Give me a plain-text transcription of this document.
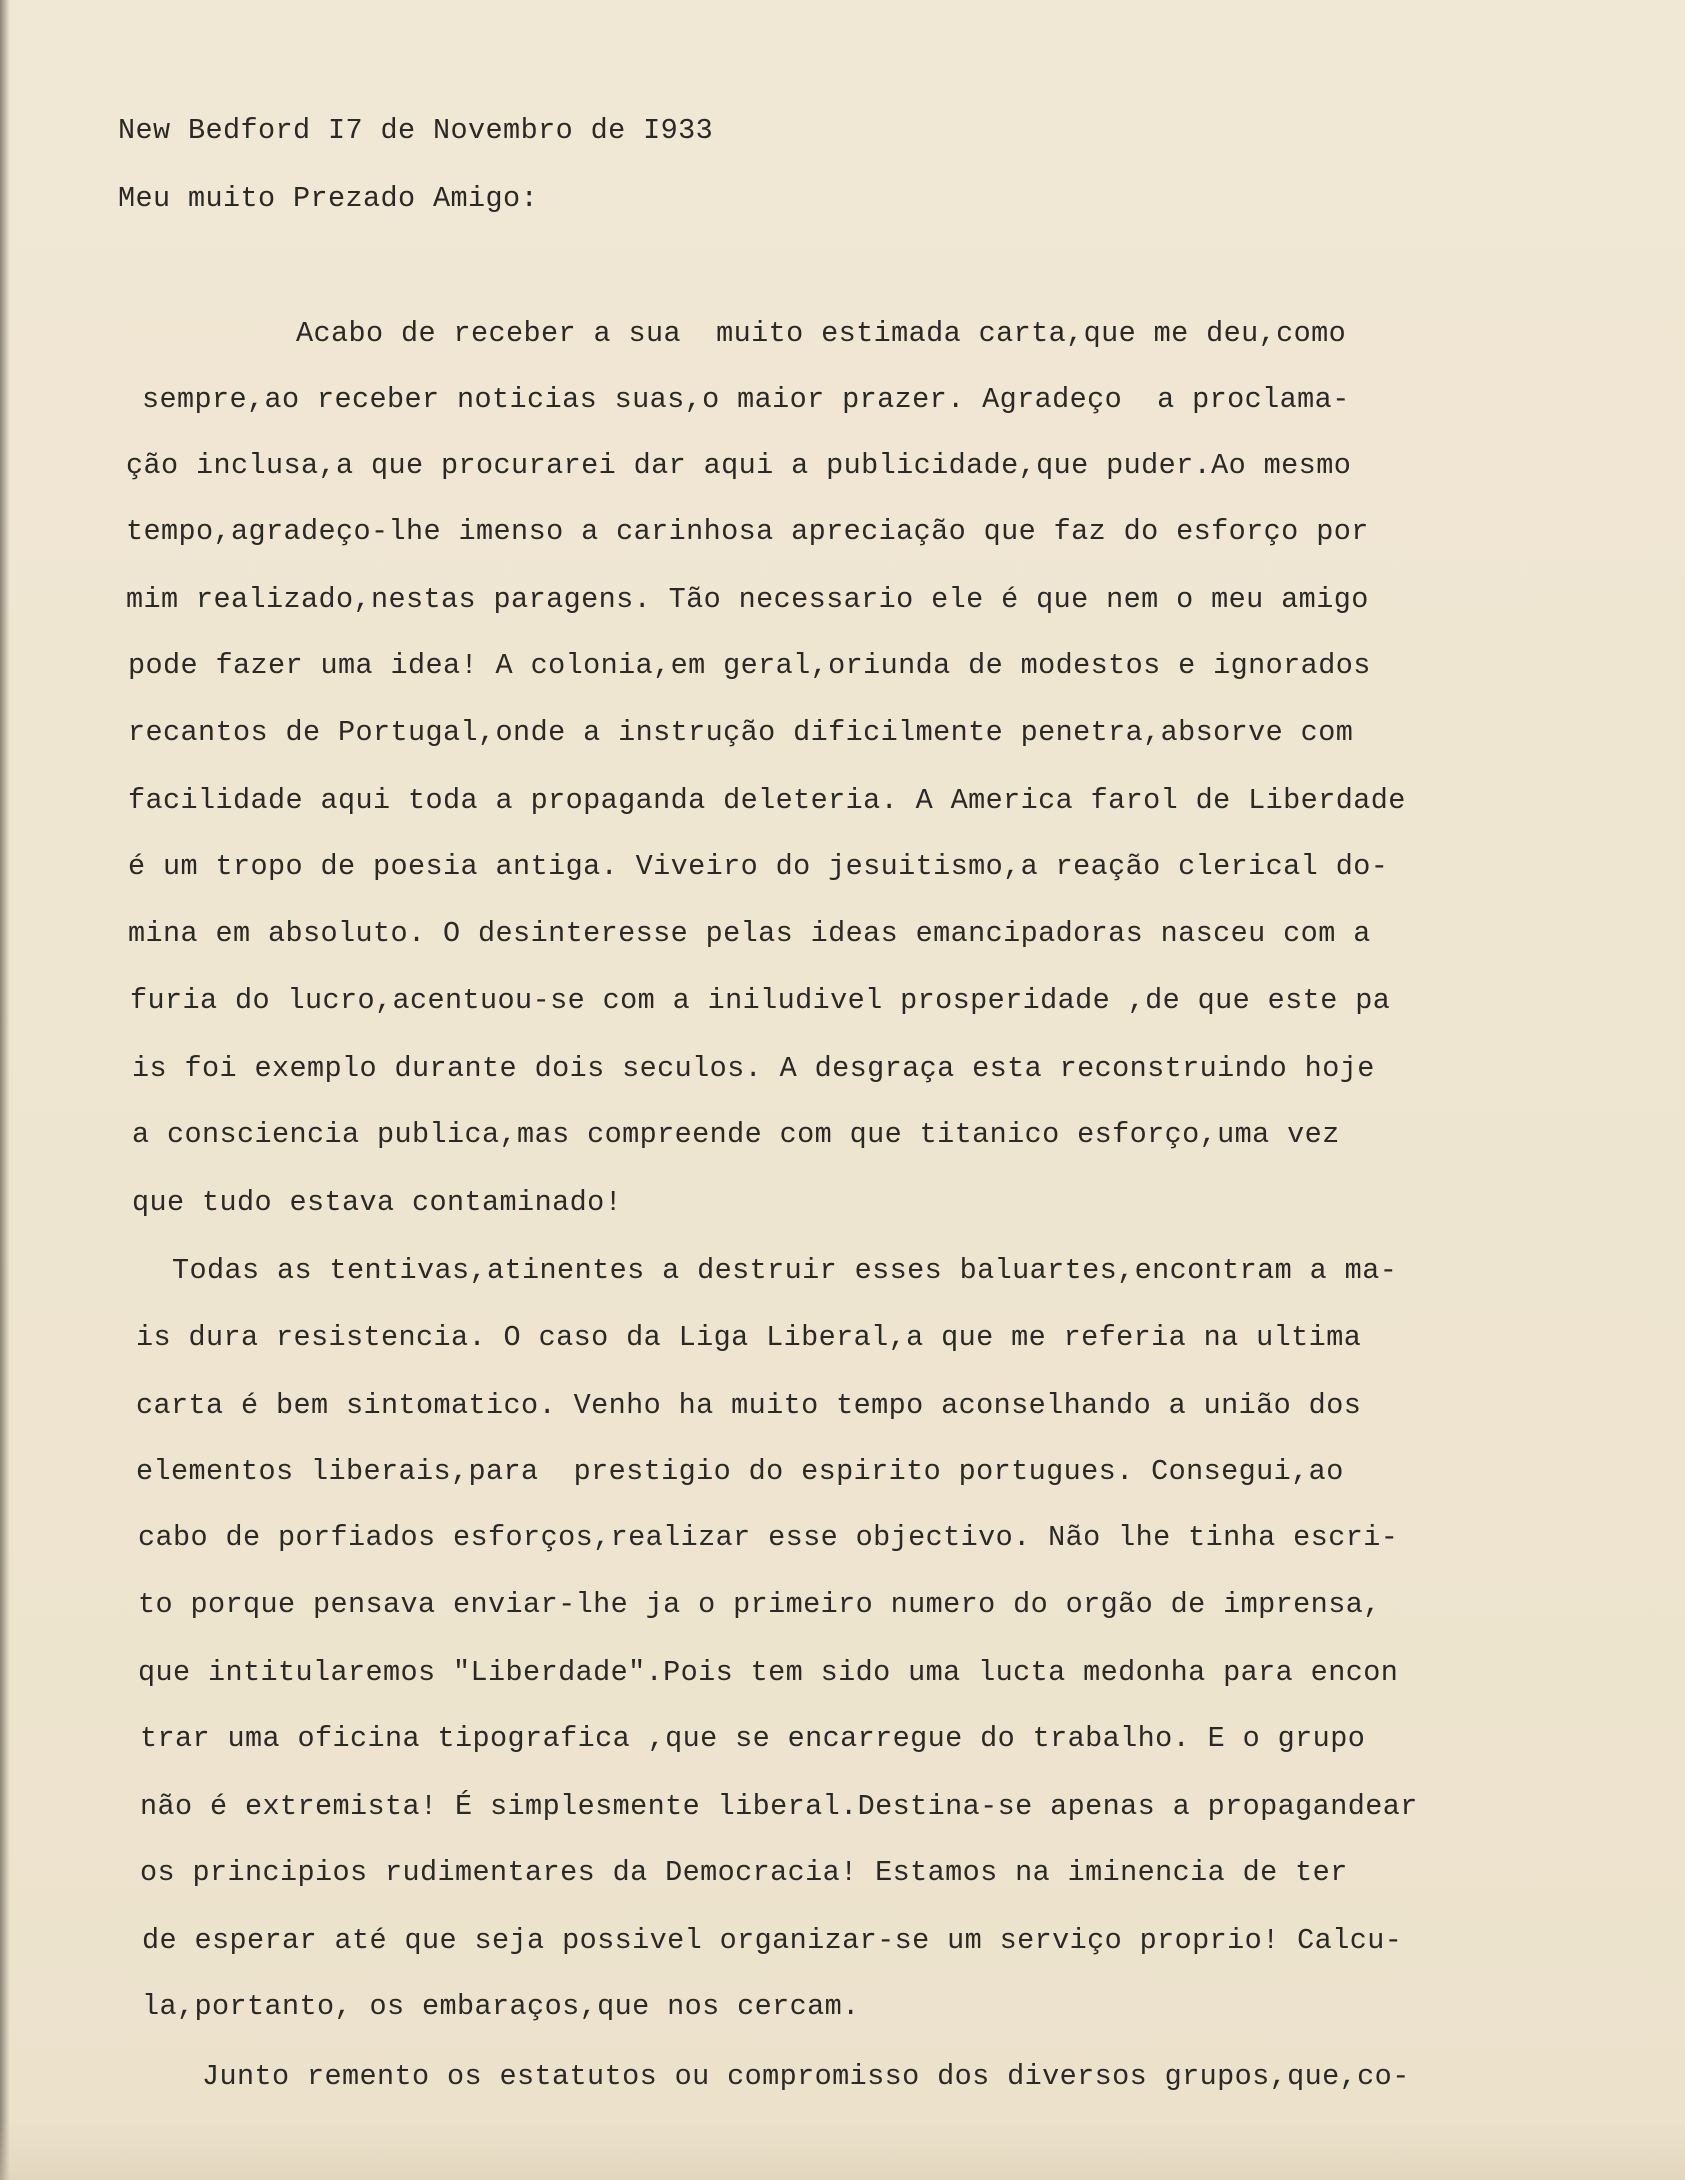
New Bedford I7 de Novembro de I933

Meu muito Prezado Amigo:

Acabo de receber a sua  muito estimada carta,que me deu,como

sempre,ao receber noticias suas,o maior prazer. Agradeço  a proclama-

ção inclusa,a que procurarei dar aqui a publicidade,que puder.Ao mesmo

tempo,agradeço-lhe imenso a carinhosa apreciação que faz do esforço por

mim realizado,nestas paragens. Tão necessario ele é que nem o meu amigo

pode fazer uma idea! A colonia,em geral,oriunda de modestos e ignorados

recantos de Portugal,onde a instrução dificilmente penetra,absorve com

facilidade aqui toda a propaganda deleteria. A America farol de Liberdade

é um tropo de poesia antiga. Viveiro do jesuitismo,a reação clerical do-

mina em absoluto. O desinteresse pelas ideas emancipadoras nasceu com a

furia do lucro,acentuou-se com a iniludivel prosperidade ,de que este pa

is foi exemplo durante dois seculos. A desgraça esta reconstruindo hoje

a consciencia publica,mas compreende com que titanico esforço,uma vez

que tudo estava contaminado!

Todas as tentivas,atinentes a destruir esses baluartes,encontram a ma-

is dura resistencia. O caso da Liga Liberal,a que me referia na ultima

carta é bem sintomatico. Venho ha muito tempo aconselhando a união dos

elementos liberais,para  prestigio do espirito portugues. Consegui,ao

cabo de porfiados esforços,realizar esse objectivo. Não lhe tinha escri-

to porque pensava enviar-lhe ja o primeiro numero do orgão de imprensa,

que intitularemos "Liberdade".Pois tem sido uma lucta medonha para encon

trar uma oficina tipografica ,que se encarregue do trabalho. E o grupo

não é extremista! É simplesmente liberal.Destina-se apenas a propagandear

os principios rudimentares da Democracia! Estamos na iminencia de ter

de esperar até que seja possivel organizar-se um serviço proprio! Calcu-

la,portanto, os embaraços,que nos cercam.

Junto remento os estatutos ou compromisso dos diversos grupos,que,co-
